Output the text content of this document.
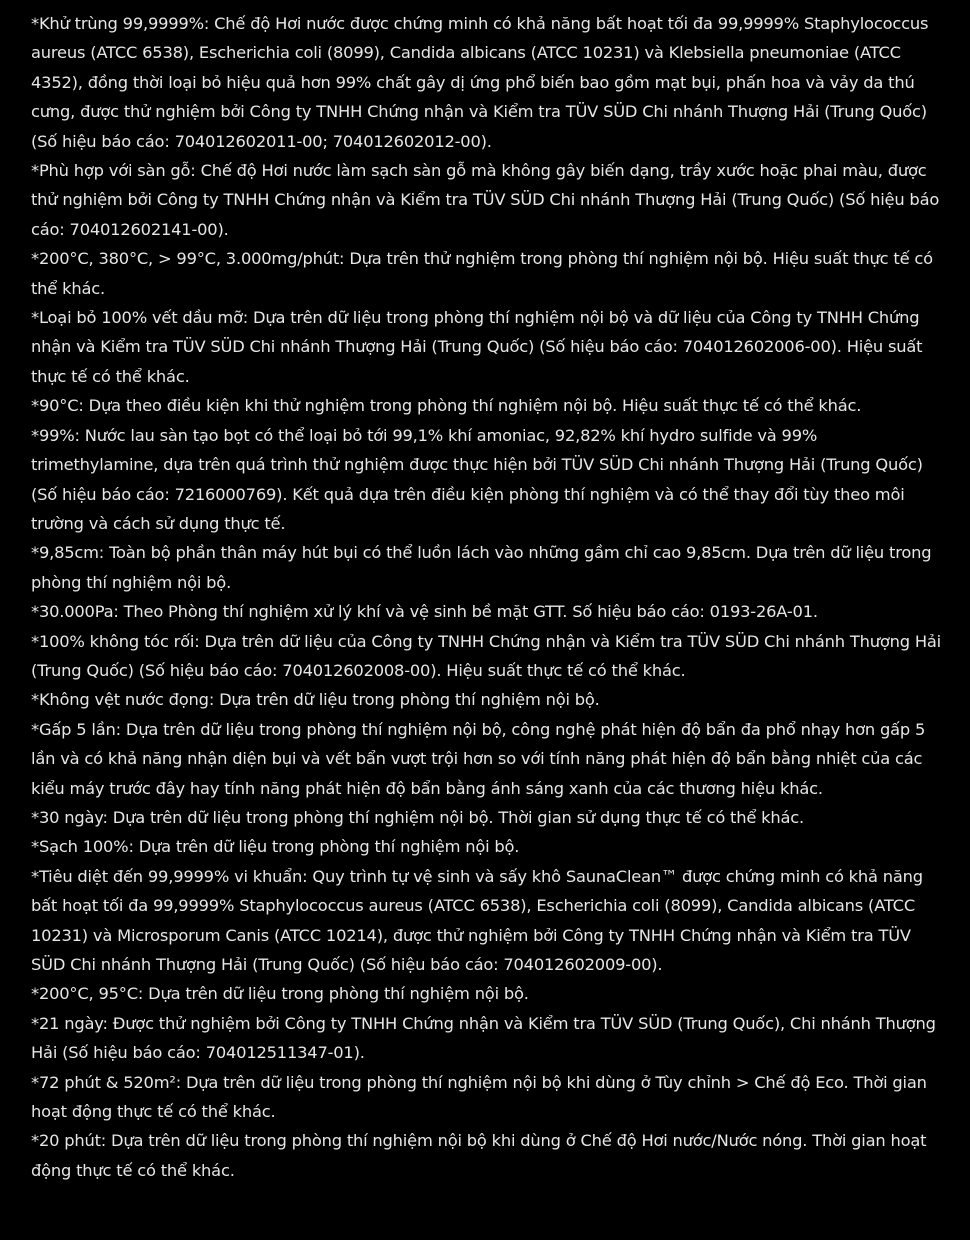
*Khử trùng 99,9999%: Chế độ Hơi nước được chứng minh có khả năng bất hoạt tối đa 99,9999% Staphylococcus aureus (ATCC 6538), Escherichia coli (8099), Candida albicans (ATCC 10231) và Klebsiella pneumoniae (ATCC 4352), đồng thời loại bỏ hiệu quả hơn 99% chất gây dị ứng phổ biến bao gồm mạt bụi, phấn hoa và vảy da thú cưng, được thử nghiệm bởi Công ty TNHH Chứng nhận và Kiểm tra TÜV SÜD Chi nhánh Thượng Hải (Trung Quốc) (Số hiệu báo cáo: 704012602011-00; 704012602012-00).
*Phù hợp với sàn gỗ: Chế độ Hơi nước làm sạch sàn gỗ mà không gây biến dạng, trầy xước hoặc phai màu, được thử nghiệm bởi Công ty TNHH Chứng nhận và Kiểm tra TÜV SÜD Chi nhánh Thượng Hải (Trung Quốc) (Số hiệu báo cáo: 704012602141-00).
*200°C, 380°C, > 99°C, 3.000mg/phút: Dựa trên thử nghiệm trong phòng thí nghiệm nội bộ. Hiệu suất thực tế có thể khác.
*Loại bỏ 100% vết dầu mỡ: Dựa trên dữ liệu trong phòng thí nghiệm nội bộ và dữ liệu của Công ty TNHH Chứng nhận và Kiểm tra TÜV SÜD Chi nhánh Thượng Hải (Trung Quốc) (Số hiệu báo cáo: 704012602006-00). Hiệu suất thực tế có thể khác.
*90°C: Dựa theo điều kiện khi thử nghiệm trong phòng thí nghiệm nội bộ. Hiệu suất thực tế có thể khác.
*99%: Nước lau sàn tạo bọt có thể loại bỏ tới 99,1% khí amoniac, 92,82% khí hydro sulfide và 99% trimethylamine, dựa trên quá trình thử nghiệm được thực hiện bởi TÜV SÜD Chi nhánh Thượng Hải (Trung Quốc) (Số hiệu báo cáo: 7216000769). Kết quả dựa trên điều kiện phòng thí nghiệm và có thể thay đổi tùy theo môi trường và cách sử dụng thực tế.
*9,85cm: Toàn bộ phần thân máy hút bụi có thể luồn lách vào những gầm chỉ cao 9,85cm. Dựa trên dữ liệu trong phòng thí nghiệm nội bộ.
*30.000Pa: Theo Phòng thí nghiệm xử lý khí và vệ sinh bề mặt GTT. Số hiệu báo cáo: 0193-26A-01.
*100% không tóc rối: Dựa trên dữ liệu của Công ty TNHH Chứng nhận và Kiểm tra TÜV SÜD Chi nhánh Thượng Hải (Trung Quốc) (Số hiệu báo cáo: 704012602008-00). Hiệu suất thực tế có thể khác.
*Không vệt nước đọng: Dựa trên dữ liệu trong phòng thí nghiệm nội bộ.
*Gấp 5 lần: Dựa trên dữ liệu trong phòng thí nghiệm nội bộ, công nghệ phát hiện độ bẩn đa phổ nhạy hơn gấp 5 lần và có khả năng nhận diện bụi và vết bẩn vượt trội hơn so với tính năng phát hiện độ bẩn bằng nhiệt của các kiểu máy trước đây hay tính năng phát hiện độ bẩn bằng ánh sáng xanh của các thương hiệu khác.
*30 ngày: Dựa trên dữ liệu trong phòng thí nghiệm nội bộ. Thời gian sử dụng thực tế có thể khác.
*Sạch 100%: Dựa trên dữ liệu trong phòng thí nghiệm nội bộ.
*Tiêu diệt đến 99,9999% vi khuẩn: Quy trình tự vệ sinh và sấy khô SaunaClean™ được chứng minh có khả năng bất hoạt tối đa 99,9999% Staphylococcus aureus (ATCC 6538), Escherichia coli (8099), Candida albicans (ATCC 10231) và Microsporum Canis (ATCC 10214), được thử nghiệm bởi Công ty TNHH Chứng nhận và Kiểm tra TÜV SÜD Chi nhánh Thượng Hải (Trung Quốc) (Số hiệu báo cáo: 704012602009-00).
*200°C, 95°C: Dựa trên dữ liệu trong phòng thí nghiệm nội bộ.
*21 ngày: Được thử nghiệm bởi Công ty TNHH Chứng nhận và Kiểm tra TÜV SÜD (Trung Quốc), Chi nhánh Thượng Hải (Số hiệu báo cáo: 704012511347-01).
*72 phút & 520m²: Dựa trên dữ liệu trong phòng thí nghiệm nội bộ khi dùng ở Tùy chỉnh > Chế độ Eco. Thời gian hoạt động thực tế có thể khác.
*20 phút: Dựa trên dữ liệu trong phòng thí nghiệm nội bộ khi dùng ở Chế độ Hơi nước/Nước nóng. Thời gian hoạt động thực tế có thể khác.
